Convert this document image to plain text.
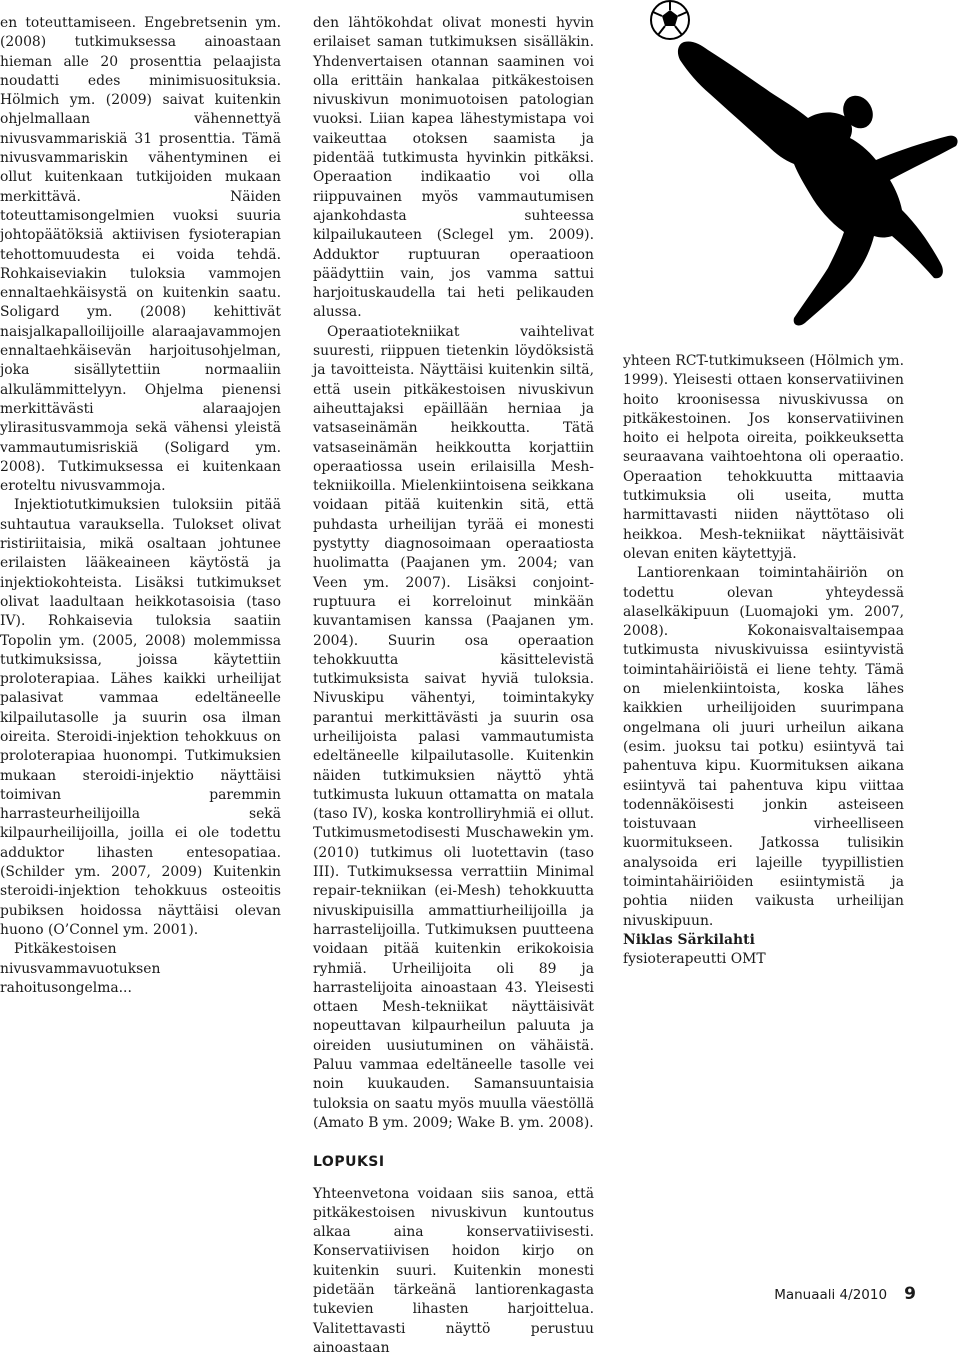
en toteuttamiseen. Engebretsenin ym. (2008) tutkimuksessa ainoastaan hieman alle 20 prosenttia pelaajista noudatti edes minimisuosituksia. Hölmich ym. (2009) saivat kuitenkin ohjelmallaan vähennettyä nivusvammariskiä 31 prosenttia. Tämä nivusvammariskin vähentyminen ei ollut kuitenkaan tutkijoiden mukaan merkittävä. Näiden toteuttamisongelmien vuoksi suuria johtopäätöksiä aktiivisen fysioterapian tehottomuudesta ei voida tehdä. Rohkaiseviakin tuloksia vammojen ennaltaehkäisystä on kuitenkin saatu. Soligard ym. (2008) kehittivät naisjalkapalloilijoille alaraajavammojen ennaltaehkäisevän harjoitusohjelman, joka sisällytettiin normaaliin alkulämmittelyyn. Ohjelma pienensi merkittävästi alaraajojen ylirasitusvammoja sekä vähensi yleistä vammautumisriskiä (Soligard ym. 2008). Tutkimuksessa ei kuitenkaan eroteltu nivusvammoja.

Injektiotutkimuksien tuloksiin pitää suhtautua varauksella. Tulokset olivat ristiriitaisia, mikä osaltaan johtunee erilaisten lääkeaineen käytöstä ja injektiokohteista. Lisäksi tutkimukset olivat laadultaan heikkotasoisia (taso IV). Rohkaisevia tuloksia saatiin Topolin ym. (2005, 2008) molemmissa tutkimuksissa, joissa käytettiin proloterapiaa. Lähes kaikki urheilijat palasivat vammaa edeltäneelle kilpailutasolle ja suurin osa ilman oireita. Steroidi-injektion tehokkuus on proloterapiaa huonompi. Tutkimuksien mukaan steroidi-injektio näyttäisi toimivan paremmin harrasteurheilijoilla sekä kilpaurheilijoilla, joilla ei ole todettu adduktor lihasten entesopatiaa. (Schilder ym. 2007, 2009) Kuitenkin steroidi-injektion tehokkuus osteoitis pubiksen hoidossa näyttäisi olevan huono (O’Connel ym. 2001).

Pitkäkestoisen nivusvammavuotuksen rahoitusongelma...

den lähtökohdat olivat monesti hyvin erilaiset saman tutkimuksen sisälläkin. Yhdenvertaisen otannan saaminen voi olla erittäin hankalaa pitkäkestoisen nivuskivun monimuotoisen patologian vuoksi. Liian kapea lähestymistapa voi vaikeuttaa otoksen saamista ja pidentää tutkimusta hyvinkin pitkäksi. Operaation indikaatio voi olla riippuvainen myös vammautumisen ajankohdasta suhteessa kilpailukauteen (Sclegel ym. 2009). Adduktor ruptuuran operaatioon päädyttiin vain, jos vamma sattui harjoituskaudella tai heti pelikauden alussa.

Operaatiotekniikat vaihtelivat suuresti, riippuen tietenkin löydöksistä ja tavoitteista. Näyttäisi kuitenkin siltä, että usein pitkäkestoisen nivuskivun aiheuttajaksi epäillään herniaa ja vatsaseinämän heikkoutta. Tätä vatsaseinämän heikkoutta korjattiin operaatiossa usein erilaisilla Mesh-tekniikoilla. Mielenkiintoisena seikkana voidaan pitää kuitenkin sitä, että puhdasta urheilijan tyrää ei monesti pystytty diagnosoimaan operaatiosta huolimatta (Paajanen ym. 2004; van Veen ym. 2007). Lisäksi conjoint-ruptuura ei korreloinut minkään kuvantamisen kanssa (Paajanen ym. 2004). Suurin osa operaation tehokkuutta käsittelevistä tutkimuksista saivat hyviä tuloksia. Nivuskipu vähentyi, toimintakyky parantui merkittävästi ja suurin osa urheilijoista palasi vammautumista edeltäneelle kilpailutasolle. Kuitenkin näiden tutkimuksien näyttö yhtä tutkimusta lukuun ottamatta on matala (taso IV), koska kontrolliryhmiä ei ollut. Tutkimusmetodisesti Muschawekin ym. (2010) tutkimus oli luotettavin (taso III). Tutkimuksessa verrattiin Minimal repair-tekniikan (ei-Mesh) tehokkuutta nivuskipuisilla ammattiurheilijoilla ja harrastelijoilla. Tutkimuksen puutteena voidaan pitää kuitenkin erikokoisia ryhmiä. Urheilijoita oli 89 ja harrastelijoita ainoastaan 43. Yleisesti ottaen Mesh-tekniikat näyttäisivät nopeuttavan kilpaurheilun paluuta ja oireiden uusiutuminen on vähäistä. Paluu vammaa edeltäneelle tasolle vei noin kuukauden. Samansuuntaisia tuloksia on saatu myös muulla väestöllä (Amato B ym. 2009; Wake B. ym. 2008).

LOPUKSI

Yhteenvetona voidaan siis sanoa, että pitkäkestoisen nivuskivun kuntoutus alkaa aina konservatiivisesti. Konservatiivisen hoidon kirjo on kuitenkin suuri. Kuitenkin monesti pidetään tärkeänä lantiorenkagasta tukevien lihasten harjoittelua. Valitettavasti näyttö perustuu ainoastaan

yhteen RCT-tutkimukseen (Hölmich ym. 1999). Yleisesti ottaen konservatiivinen hoito kroonisessa nivuskivussa on pitkäkestoinen. Jos konservatiivinen hoito ei helpota oireita, poikkeuksetta seuraavana vaihtoehtona oli operaatio. Operaation tehokkuutta mittaavia tutkimuksia oli useita, mutta harmittavasti niiden näyttötaso oli heikkoa. Mesh-tekniikat näyttäisivät olevan eniten käytettyjä.

Lantiorenkaan toimintahäiriön on todettu olevan yhteydessä alaselkäkipuun (Luomajoki ym. 2007, 2008). Kokonaisvaltaisempaa tutkimusta nivuskivuissa esiintyvistä toimintahäiriöistä ei liene tehty. Tämä on mielenkiintoista, koska lähes kaikkien urheilijoiden suurimpana ongelmana oli juuri urheilun aikana (esim. juoksu tai potku) esiintyvä tai pahentuva kipu. Kuormituksen aikana esiintyvä tai pahentuva kipu viittaa todennäköisesti jonkin asteiseen toistuvaan virheelliseen kuormitukseen. Jatkossa tulisikin analysoida eri lajeille tyypillistien toimintahäiriöiden esiintymistä ja pohtia niiden vaikusta urheilijan nivuskipuun.

Niklas Särkilahti

fysioterapeutti OMT

Manuaali 4/2010 9
